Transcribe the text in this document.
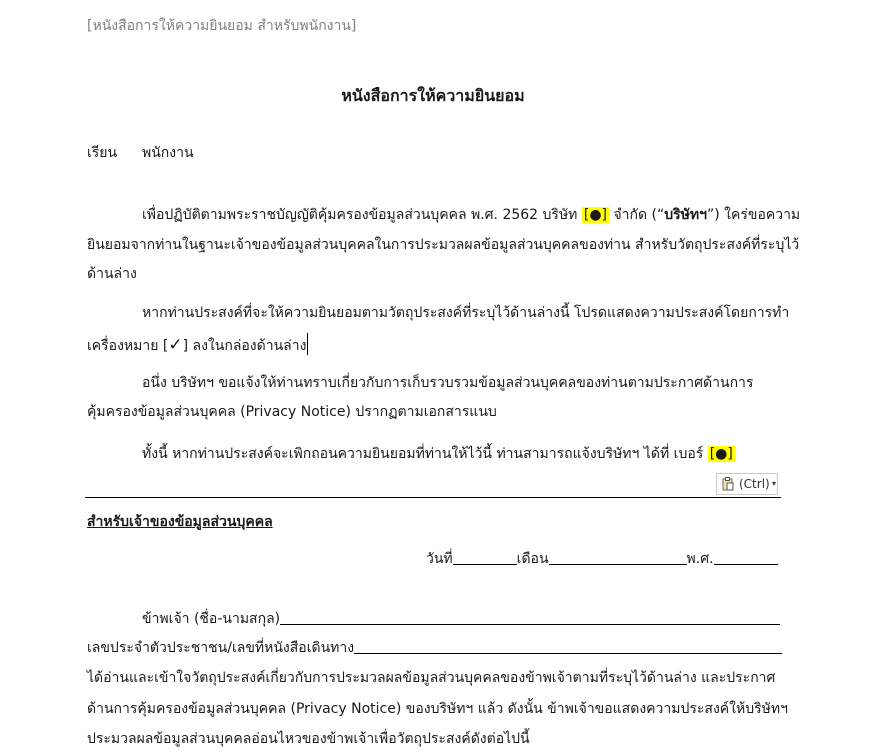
[หนังสือการให้ความยินยอม สำหรับพนักงาน]
หนังสือการให้ความยินยอม
เรียน พนักงาน
เพื่อปฏิบัติตามพระราชบัญญัติคุ้มครองข้อมูลส่วนบุคคล พ.ศ. 2562 บริษัท [●] จำกัด (“บริษัทฯ”) ใคร่ขอความ
ยินยอมจากท่านในฐานะเจ้าของข้อมูลส่วนบุคคลในการประมวลผลข้อมูลส่วนบุคคลของท่าน สำหรับวัตถุประสงค์ที่ระบุไว้
ด้านล่าง
หากท่านประสงค์ที่จะให้ความยินยอมตามวัตถุประสงค์ที่ระบุไว้ด้านล่างนี้ โปรดแสดงความประสงค์โดยการทำ
เครื่องหมาย [✓] ลงในกล่องด้านล่าง
อนึ่ง บริษัทฯ ขอแจ้งให้ท่านทราบเกี่ยวกับการเก็บรวบรวมข้อมูลส่วนบุคคลของท่านตามประกาศด้านการ
คุ้มครองข้อมูลส่วนบุคคล (Privacy Notice) ปรากฏตามเอกสารแนบ
ทั้งนี้ หากท่านประสงค์จะเพิกถอนความยินยอมที่ท่านให้ไว้นี้ ท่านสามารถแจ้งบริษัทฯ ได้ที่ เบอร์ [●]
(Ctrl) ▾
สำหรับเจ้าของข้อมูลส่วนบุคคล
วันที่	เดือน	พ.ศ.
ข้าพเจ้า (ชื่อ-นามสกุล)
เลขประจำตัวประชาชน/เลขที่หนังสือเดินทาง
ได้อ่านและเข้าใจวัตถุประสงค์เกี่ยวกับการประมวลผลข้อมูลส่วนบุคคลของข้าพเจ้าตามที่ระบุไว้ด้านล่าง และประกาศ
ด้านการคุ้มครองข้อมูลส่วนบุคคล (Privacy Notice) ของบริษัทฯ แล้ว ดังนั้น ข้าพเจ้าขอแสดงความประสงค์ให้บริษัทฯ
ประมวลผลข้อมูลส่วนบุคคลอ่อนไหวของข้าพเจ้าเพื่อวัตถุประสงค์ดังต่อไปนี้
